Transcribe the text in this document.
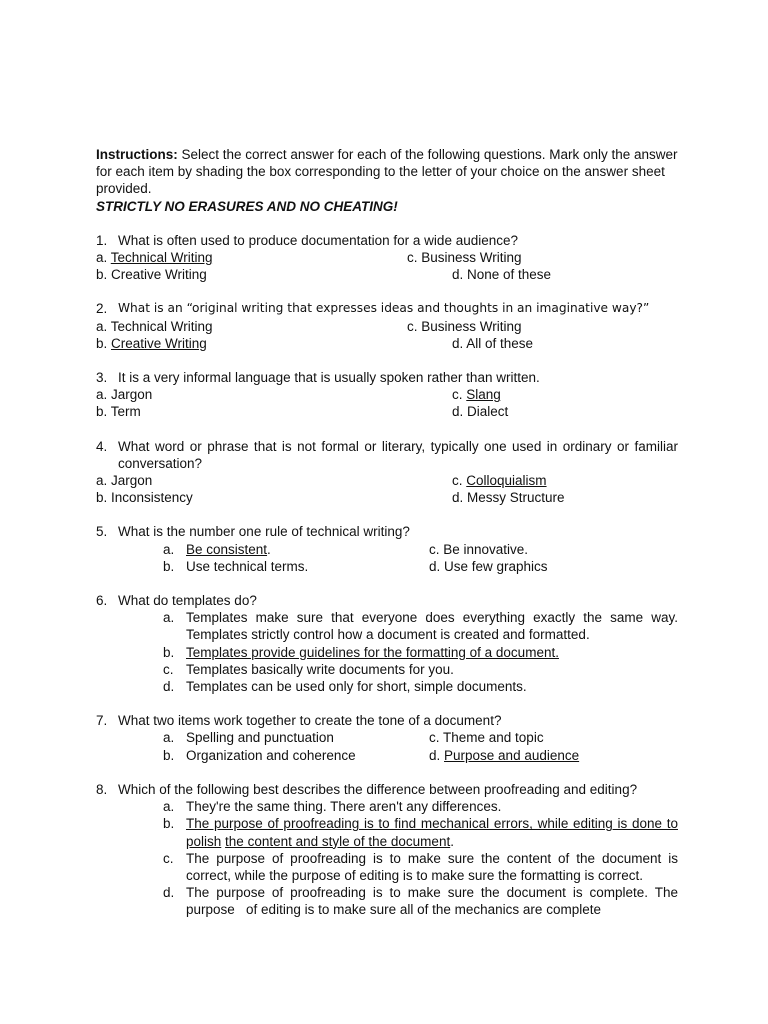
Instructions: Select the correct answer for each of the following questions. Mark only the answer for each item by shading the box corresponding to the letter of your choice on the answer sheet provided.
STRICTLY NO ERASURES AND NO CHEATING!
1. What is often used to produce documentation for a wide audience?
a. Technical Writing	c. Business Writing
b. Creative Writing	d. None of these
2. What is an “original writing that expresses ideas and thoughts in an imaginative way?”
a. Technical Writing	c. Business Writing
b. Creative Writing	d. All of these
3. It is a very informal language that is usually spoken rather than written.
a. Jargon	c. Slang
b. Term	d. Dialect
4. What word or phrase that is not formal or literary, typically one used in ordinary or familiar conversation?
a. Jargon	c. Colloquialism
b. Inconsistency	d. Messy Structure
5. What is the number one rule of technical writing?
a. Be consistent.	c. Be innovative.
b. Use technical terms.	d. Use few graphics
6. What do templates do?
a. Templates make sure that everyone does everything exactly the same way. Templates strictly control how a document is created and formatted.
b. Templates provide guidelines for the formatting of a document.
c. Templates basically write documents for you.
d. Templates can be used only for short, simple documents.
7. What two items work together to create the tone of a document?
a. Spelling and punctuation	c. Theme and topic
b. Organization and coherence	d. Purpose and audience
8. Which of the following best describes the difference between proofreading and editing?
a. They're the same thing. There aren't any differences.
b. The purpose of proofreading is to find mechanical errors, while editing is done to polish the content and style of the document.
c. The purpose of proofreading is to make sure the content of the document is correct, while the purpose of editing is to make sure the formatting is correct.
d. The purpose of proofreading is to make sure the document is complete. The purpose   of editing is to make sure all of the mechanics are complete
